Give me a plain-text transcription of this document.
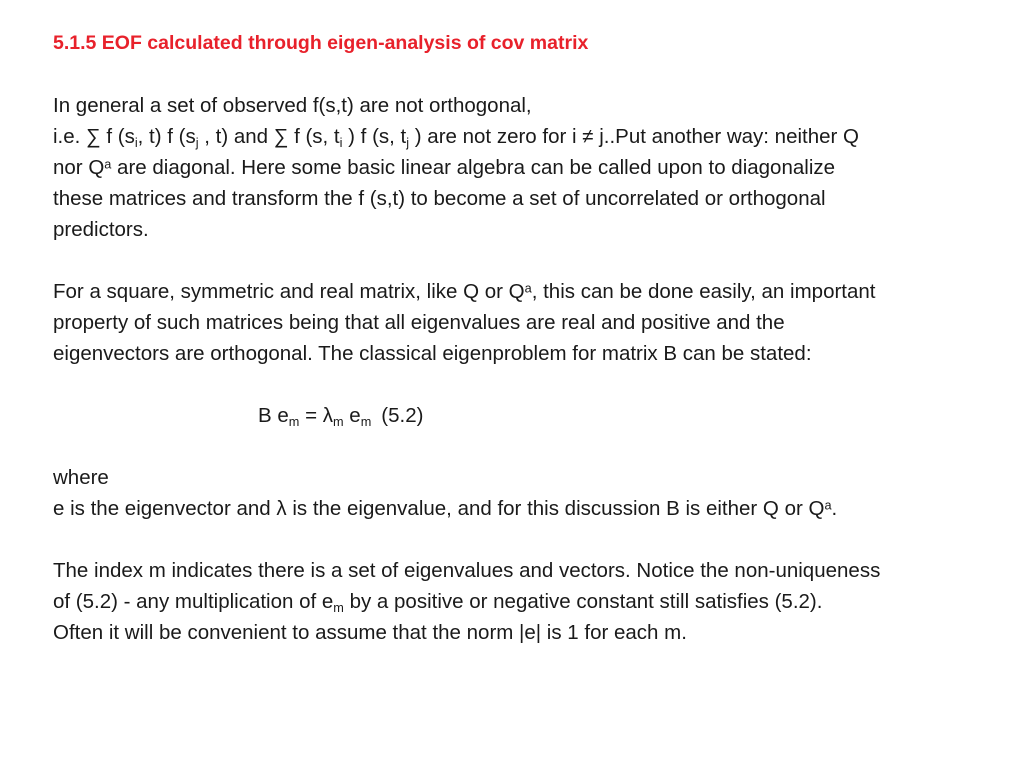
5.1.5 EOF calculated through eigen-analysis of cov matrix

In general a set of observed f(s,t) are not orthogonal,

i.e. ∑ f ($s_i$, t) f ($s_j$ , t) and ∑ f (s, $t_i$ ) f (s, $t_j$ ) are not zero for i ≠ j..Put another way: neither Q

nor $Q^a$ are diagonal. Here some basic linear algebra can be called upon to diagonalize

these matrices and transform the f (s,t) to become a set of uncorrelated or orthogonal

predictors.

For a square, symmetric and real matrix, like Q or $Q^a$, this can be done easily, an important

property of such matrices being that all eigenvalues are real and positive and the

eigenvectors are orthogonal. The classical eigenproblem for matrix B can be stated:

B $e_m = \lambda_m$ $e_m$ (5.2)

where

e is the eigenvector and λ is the eigenvalue, and for this discussion B is either Q or $Q^a$.

The index m indicates there is a set of eigenvalues and vectors. Notice the non-uniqueness

of (5.2) - any multiplication of $e_m$ by a positive or negative constant still satisfies (5.2).

Often it will be convenient to assume that the norm |e| is 1 for each m.
